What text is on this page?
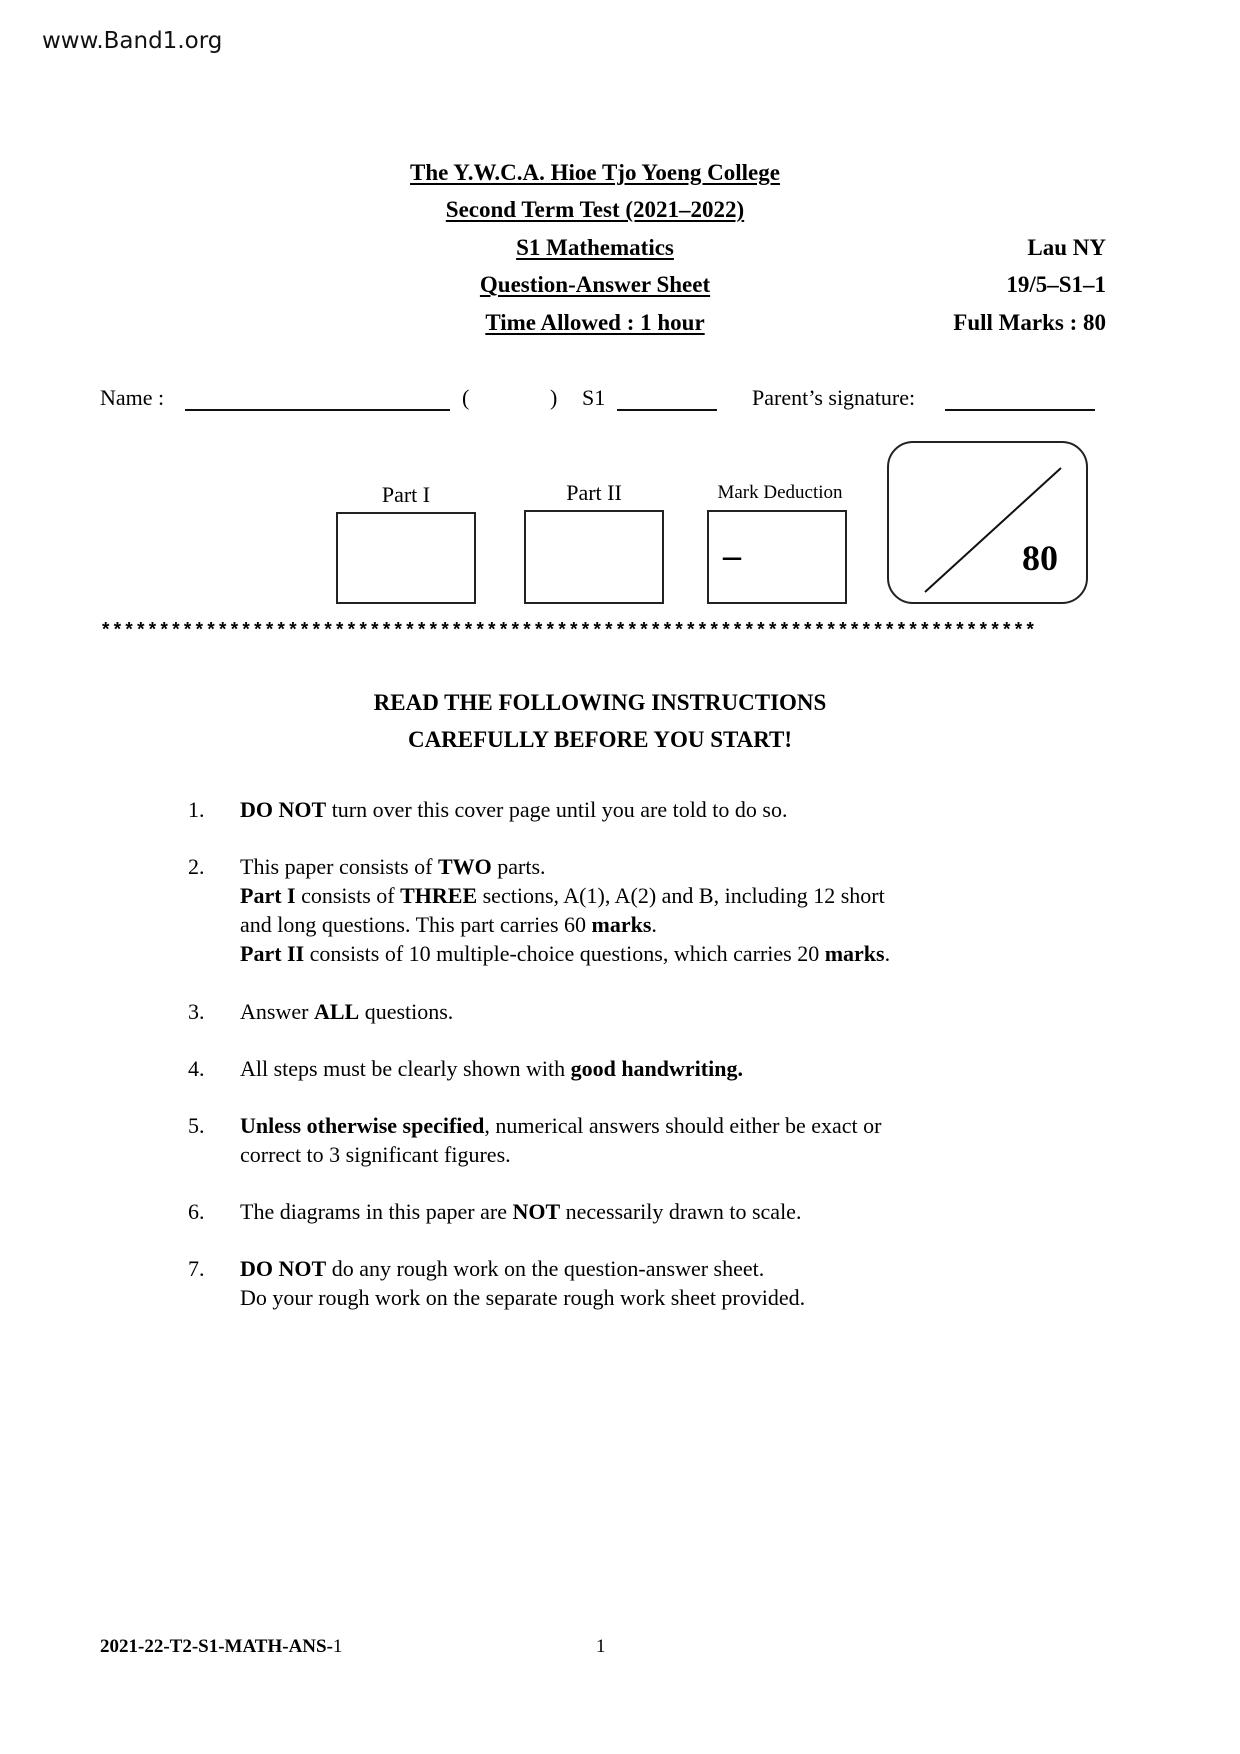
www.Band1.org
The Y.W.C.A. Hioe Tjo Yoeng College
Second Term Test (2021–2022)
S1 Mathematics
Question-Answer Sheet
Time Allowed : 1 hour
Lau NY
19/5–S1–1
Full Marks : 80
Name :	(	) S1	Parent’s signature:
Part I	Part II	Mark Deduction
–	80
********************************************************************************
READ THE FOLLOWING INSTRUCTIONS
CAREFULLY BEFORE YOU START!
1. DO NOT turn over this cover page until you are told to do so.
2. This paper consists of TWO parts.
Part I consists of THREE sections, A(1), A(2) and B, including 12 short
and long questions. This part carries 60 marks.
Part II consists of 10 multiple-choice questions, which carries 20 marks.
3. Answer ALL questions.
4. All steps must be clearly shown with good handwriting.
5. Unless otherwise specified, numerical answers should either be exact or
correct to 3 significant figures.
6. The diagrams in this paper are NOT necessarily drawn to scale.
7. DO NOT do any rough work on the question-answer sheet.
Do your rough work on the separate rough work sheet provided.
2021-22-T2-S1-MATH-ANS-1	1
